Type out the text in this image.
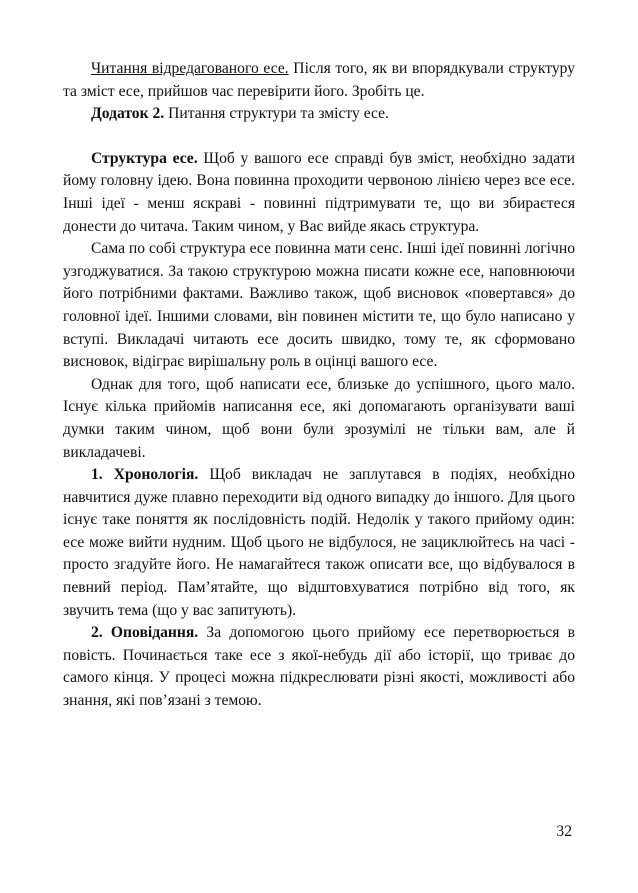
Читання відредагованого есе. Після того, як ви впорядкували структуру та зміст есе, прийшов час перевірити його. Зробіть це.

Додаток 2. Питання структури та змісту есе.

Структура есе. Щоб у вашого есе справді був зміст, необхідно задати йому головну ідею. Вона повинна проходити червоною лінією через все есе. Інші ідеї - менш яскраві - повинні підтримувати те, що ви збираєтеся донести до читача. Таким чином, у Вас вийде якась структура.

Сама по собі структура есе повинна мати сенс. Інші ідеї повинні логічно узгоджуватися. За такою структурою можна писати кожне есе, наповнюючи його потрібними фактами. Важливо також, щоб висновок «повертався» до головної ідеї. Іншими словами, він повинен містити те, що було написано у вступі. Викладачі читають есе досить швидко, тому те, як сформовано висновок, відіграє вирішальну роль в оцінці вашого есе.

Однак для того, щоб написати есе, близьке до успішного, цього мало. Існує кілька прийомів написання есе, які допомагають організувати ваші думки таким чином, щоб вони були зрозумілі не тільки вам, але й викладачеві.

1. Хронологія. Щоб викладач не заплутався в подіях, необхідно навчитися дуже плавно переходити від одного випадку до іншого. Для цього існує таке поняття як послідовність подій. Недолік у такого прийому один: есе може вийти нудним. Щоб цього не відбулося, не зациклюйтесь на часі - просто згадуйте його. Не намагайтеся також описати все, що відбувалося в певний період. Пам’ятайте, що відштовхуватися потрібно від того, як звучить тема (що у вас запитують).

2. Оповідання. За допомогою цього прийому есе перетворюється в повість. Починається таке есе з якої-небудь дії або історії, що триває до самого кінця. У процесі можна підкреслювати різні якості, можливості або знання, які пов’язані з темою.

32
